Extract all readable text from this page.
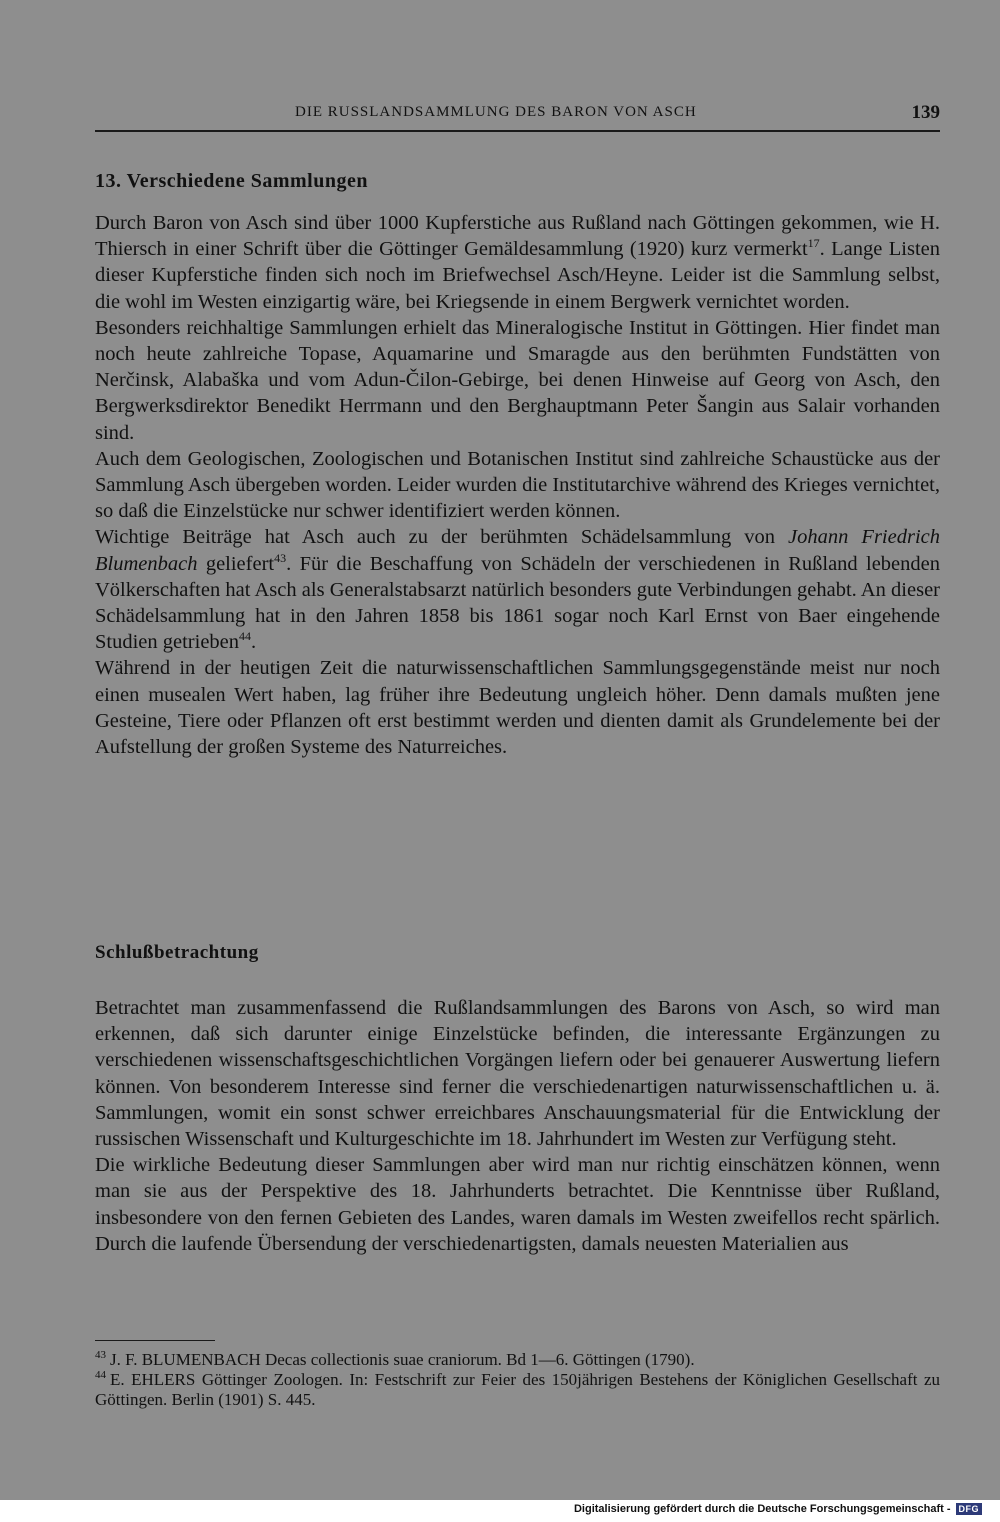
DIE RUSSLANDSAMMLUNG DES BARON VON ASCH	139
13. Verschiedene Sammlungen

Durch Baron von Asch sind über 1000 Kupferstiche aus Rußland nach Göttingen gekommen, wie H. Thiersch in einer Schrift über die Göttinger Gemäldesammlung (1920) kurz vermerkt$^{17}$. Lange Listen dieser Kupferstiche finden sich noch im Briefwechsel Asch/Heyne. Leider ist die Sammlung selbst, die wohl im Westen einzigartig wäre, bei Kriegsende in einem Bergwerk vernichtet worden.

Besonders reichhaltige Sammlungen erhielt das Mineralogische Institut in Göttingen. Hier findet man noch heute zahlreiche Topase, Aquamarine und Smaragde aus den berühmten Fundstätten von Nerčinsk, Alabaška und vom Adun-Čilon-Gebirge, bei denen Hinweise auf Georg von Asch, den Bergwerksdirektor Benedikt Herrmann und den Berghauptmann Peter Šangin aus Salair vorhanden sind.

Auch dem Geologischen, Zoologischen und Botanischen Institut sind zahlreiche Schaustücke aus der Sammlung Asch übergeben worden. Leider wurden die Institutarchive während des Krieges vernichtet, so daß die Einzelstücke nur schwer identifiziert werden können.

Wichtige Beiträge hat Asch auch zu der berühmten Schädelsammlung von Johann Friedrich Blumenbach geliefert$^{43}$. Für die Beschaffung von Schädeln der verschiedenen in Rußland lebenden Völkerschaften hat Asch als Generalstabsarzt natürlich besonders gute Verbindungen gehabt. An dieser Schädelsammlung hat in den Jahren 1858 bis 1861 sogar noch Karl Ernst von Baer eingehende Studien getrieben$^{44}$.

Während in der heutigen Zeit die naturwissenschaftlichen Sammlungsgegenstände meist nur noch einen musealen Wert haben, lag früher ihre Bedeutung ungleich höher. Denn damals mußten jene Gesteine, Tiere oder Pflanzen oft erst bestimmt werden und dienten damit als Grundelemente bei der Aufstellung der großen Systeme des Naturreiches.

Schlußbetrachtung

Betrachtet man zusammenfassend die Rußlandsammlungen des Barons von Asch, so wird man erkennen, daß sich darunter einige Einzelstücke befinden, die interessante Ergänzungen zu verschiedenen wissenschaftsgeschichtlichen Vorgängen liefern oder bei genauerer Auswertung liefern können. Von besonderem Interesse sind ferner die verschiedenartigen naturwissenschaftlichen u. ä. Sammlungen, womit ein sonst schwer erreichbares Anschauungsmaterial für die Entwicklung der russischen Wissenschaft und Kulturgeschichte im 18. Jahrhundert im Westen zur Verfügung steht.

Die wirkliche Bedeutung dieser Sammlungen aber wird man nur richtig einschätzen können, wenn man sie aus der Perspektive des 18. Jahrhunderts betrachtet. Die Kenntnisse über Rußland, insbesondere von den fernen Gebieten des Landes, waren damals im Westen zweifellos recht spärlich. Durch die laufende Übersendung der verschiedenartigsten, damals neuesten Materialien aus

$^{43}$ J. F. BLUMENBACH Decas collectionis suae craniorum. Bd 1—6. Göttingen (1790).

$^{44}$ E. EHLERS Göttinger Zoologen. In: Festschrift zur Feier des 150jährigen Bestehens der Königlichen Gesellschaft zu Göttingen. Berlin (1901) S. 445.

Digitalisierung gefördert durch die Deutsche Forschungsgemeinschaft - DFG
